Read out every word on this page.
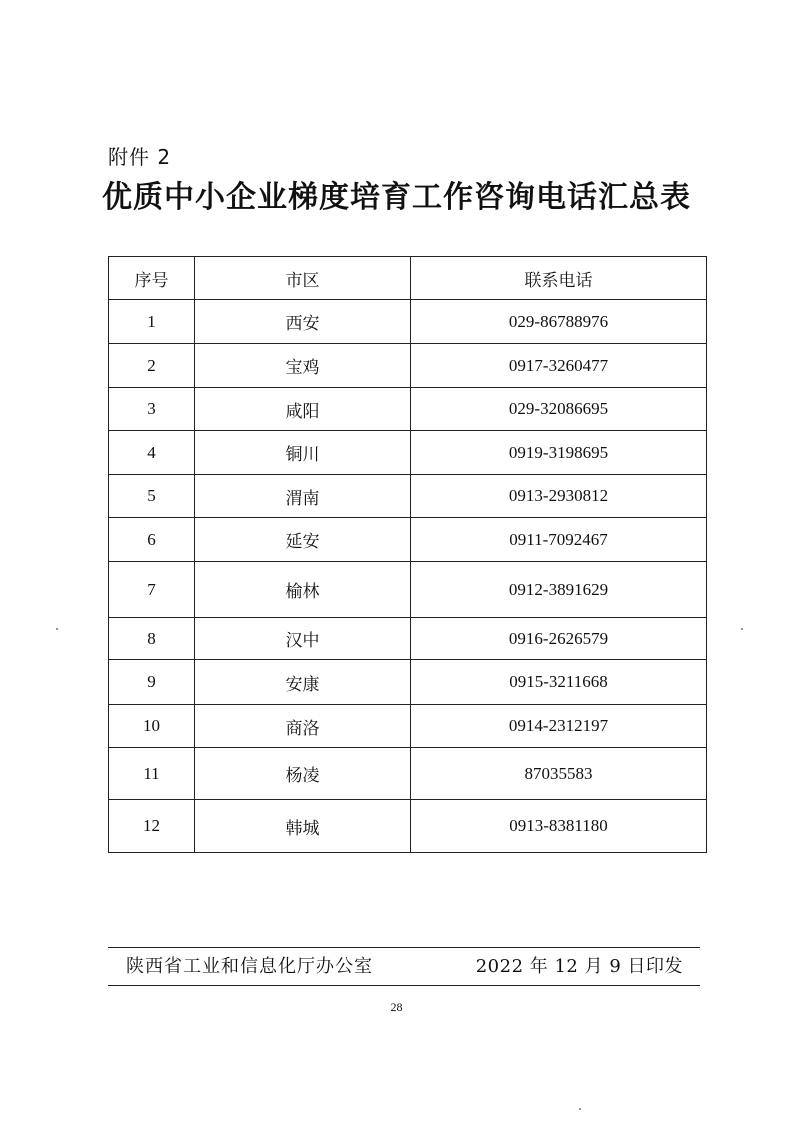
附件 2
优质中小企业梯度培育工作咨询电话汇总表
序号	市区	联系电话
1	西安	029-86788976
2	宝鸡	0917-3260477
3	咸阳	029-32086695
4	铜川	0919-3198695
5	渭南	0913-2930812
6	延安	0911-7092467
7	榆林	0912-3891629
8	汉中	0916-2626579
9	安康	0915-3211668
10	商洛	0914-2312197
11	杨凌	87035583
12	韩城	0913-8381180
陕西省工业和信息化厅办公室	2022 年 12 月 9 日印发
28
